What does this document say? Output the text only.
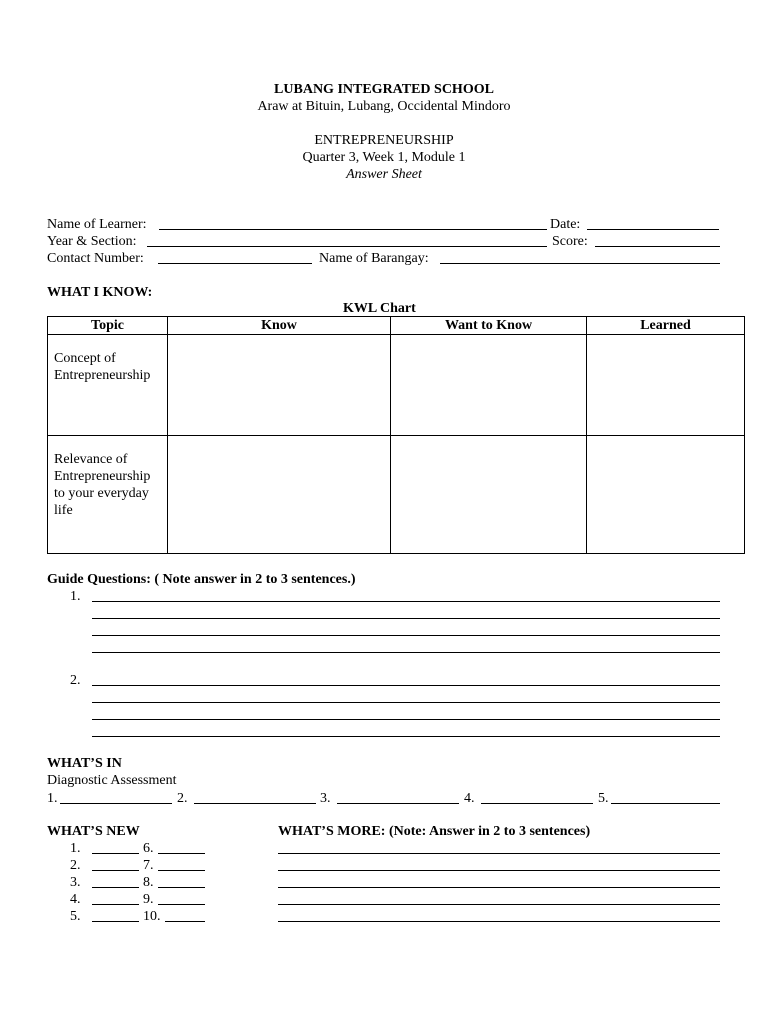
LUBANG INTEGRATED SCHOOL
Araw at Bituin, Lubang, Occidental Mindoro
ENTREPRENEURSHIP
Quarter 3, Week 1, Module 1
Answer Sheet
Name of Learner:	Date:
Year & Section:	Score:
Contact Number:	Name of Barangay:
WHAT I KNOW:
KWL Chart
Topic	Know	Want to Know	Learned
Concept of Entrepreneurship			
Relevance of Entrepreneurship to your everyday life			
Guide Questions: ( Note answer in 2 to 3 sentences.)
1.
2.
WHAT’S IN
Diagnostic Assessment
1.	2.	3.	4.	5.
WHAT’S NEW
1.	6.
2.	7.
3.	8.
4.	9.
5.	10.
WHAT’S MORE: (Note: Answer in 2 to 3 sentences)
